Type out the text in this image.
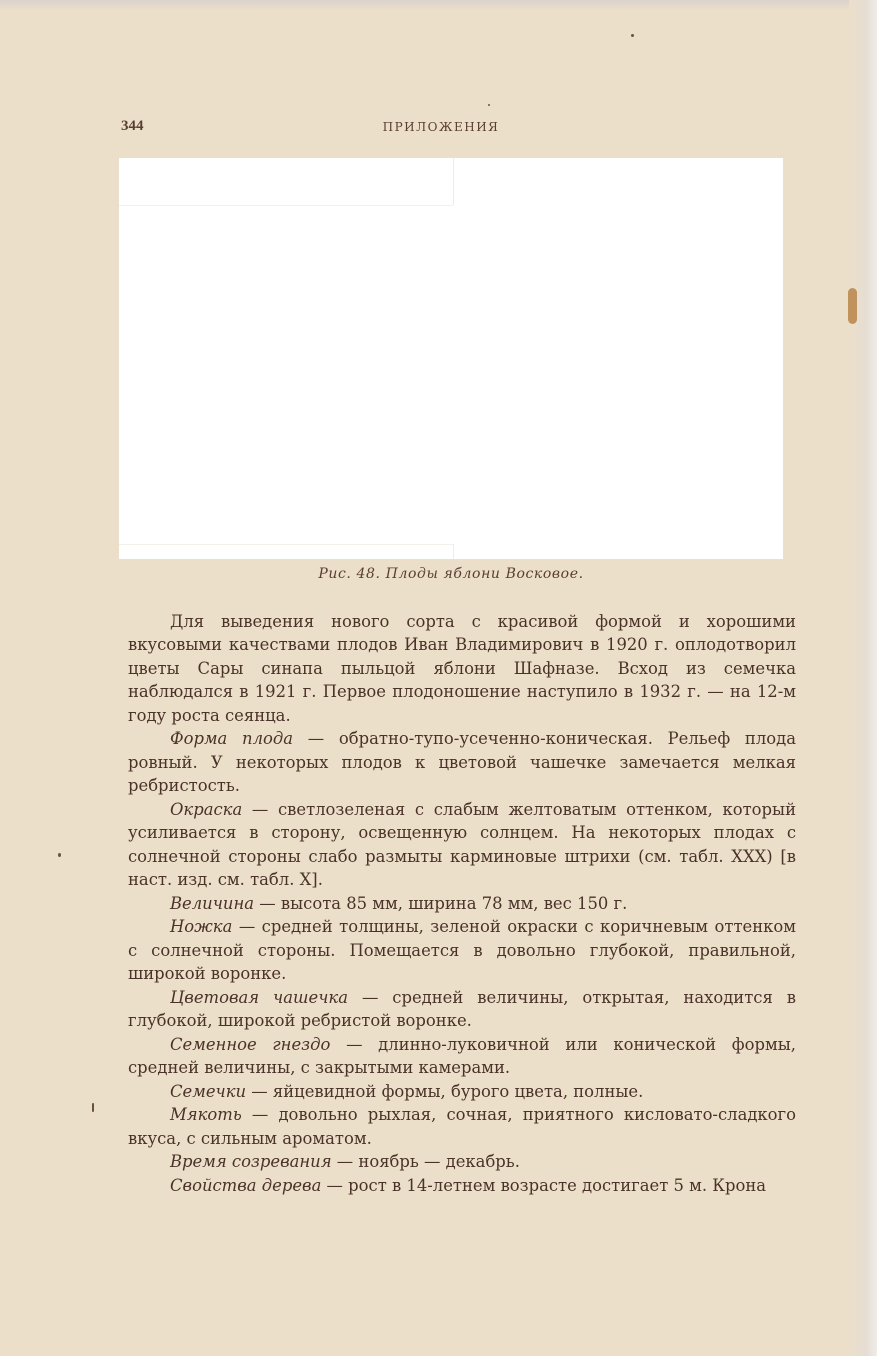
344	ПРИЛОЖЕНИЯ
Рис. 48. Плоды яблони Восковое.

Для выведения нового сорта с красивой формой и хорошими вкусовыми качествами плодов Иван Владимирович в 1920 г. оплодотворил цветы Сары синапа пыльцой яблони Шафназе. Всход из семечка наблюдался в 1921 г. Первое плодоношение наступило в 1932 г. — на 12-м году роста сеянца.

Форма плода — обратно-тупо-усеченно-коническая. Рельеф плода ровный. У некоторых плодов к цветовой чашечке замечается мелкая ребристость.

Окраска — светлозеленая с слабым желтоватым оттенком, который усиливается в сторону, освещенную солнцем. На некоторых плодах с солнечной стороны слабо размыты карминовые штрихи (см. табл. XXX) [в наст. изд. см. табл. X].

Величина — высота 85 мм, ширина 78 мм, вес 150 г.

Ножка — средней толщины, зеленой окраски с коричневым оттенком с солнечной стороны. Помещается в довольно глубокой, правильной, широкой воронке.

Цветовая чашечка — средней величины, открытая, находится в глубокой, широкой ребристой воронке.

Семенное гнездо — длинно-луковичной или конической формы, средней величины, с закрытыми камерами.

Семечки — яйцевидной формы, бурого цвета, полные.

Мякоть — довольно рыхлая, сочная, приятного кисловато-сладкого вкуса, с сильным ароматом.

Время созревания — ноябрь — декабрь.

Свойства дерева — рост в 14-летнем возрасте достигает 5 м. Крона
